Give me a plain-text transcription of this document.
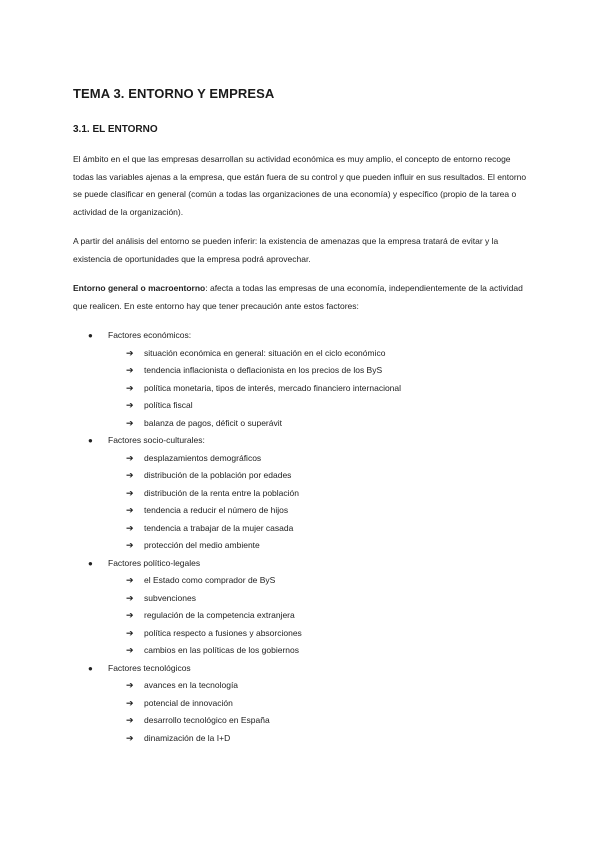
TEMA 3. ENTORNO Y EMPRESA
3.1. EL ENTORNO

El ámbito en el que las empresas desarrollan su actividad económica es muy amplio, el concepto de entorno recoge todas las variables ajenas a la empresa, que están fuera de su control y que pueden influir en sus resultados. El entorno se puede clasificar en general (común a todas las organizaciones de una economía) y específico (propio de la tarea o actividad de la organización).

A partir del análisis del entorno se pueden inferir: la existencia de amenazas que la empresa tratará de evitar y la existencia de oportunidades que la empresa podrá aprovechar.

Entorno general o macroentorno: afecta a todas las empresas de una economía, independientemente de la actividad que realicen. En este entorno hay que tener precaución ante estos factores:

● Factores económicos:
➔ situación económica en general: situación en el ciclo económico
➔ tendencia inflacionista o deflacionista en los precios de los ByS
➔ política monetaria, tipos de interés, mercado financiero internacional
➔ política fiscal
➔ balanza de pagos, déficit o superávit
● Factores socio-culturales:
➔ desplazamientos demográficos
➔ distribución de la población por edades
➔ distribución de la renta entre la población
➔ tendencia a reducir el número de hijos
➔ tendencia a trabajar de la mujer casada
➔ protección del medio ambiente
● Factores político-legales
➔ el Estado como comprador de ByS
➔ subvenciones
➔ regulación de la competencia extranjera
➔ política respecto a fusiones y absorciones
➔ cambios en las políticas de los gobiernos
● Factores tecnológicos
➔ avances en la tecnología
➔ potencial de innovación
➔ desarrollo tecnológico en España
➔ dinamización de la I+D
